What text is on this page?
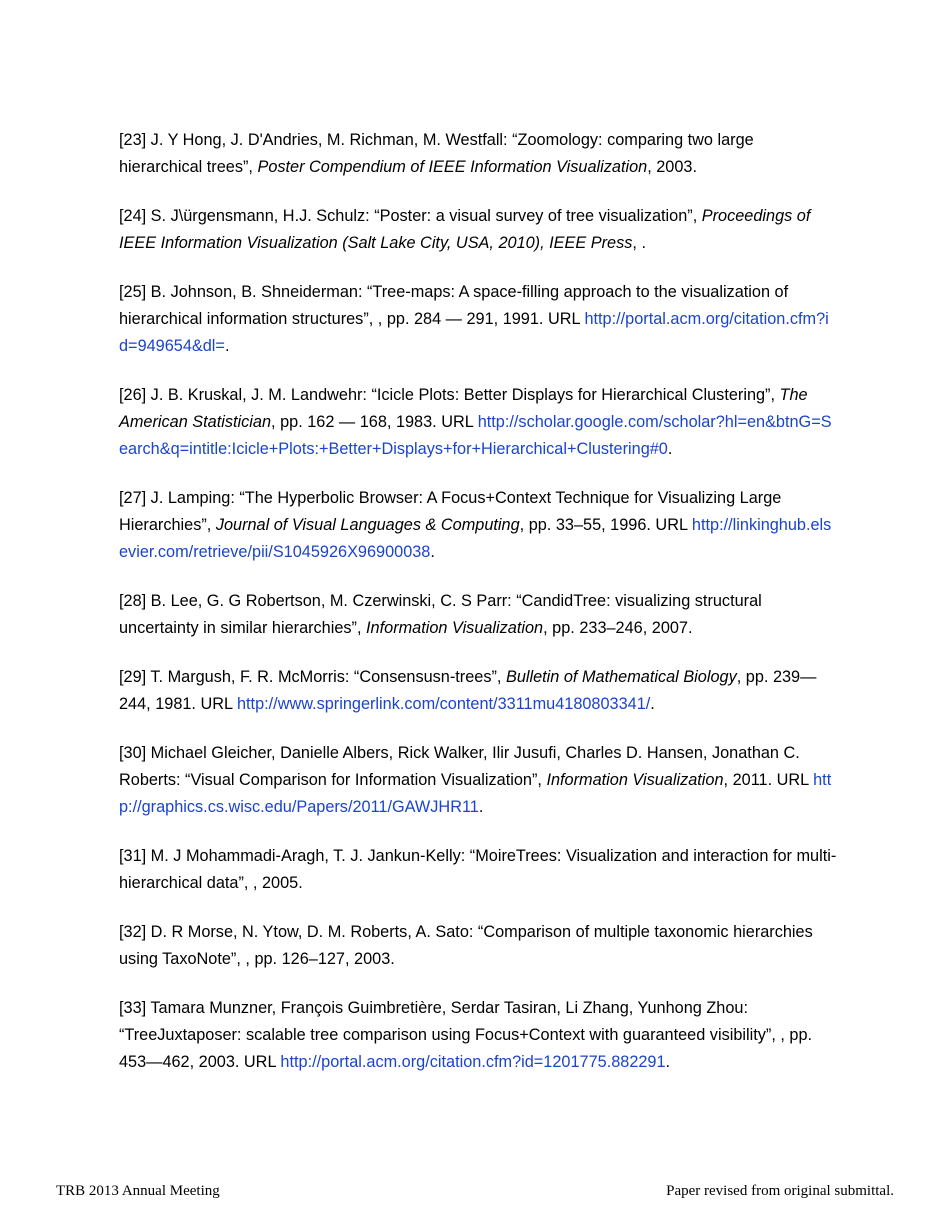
[23] J. Y Hong, J. D'Andries, M. Richman, M. Westfall: “Zoomology: comparing two large hierarchical trees”, Poster Compendium of IEEE Information Visualization, 2003.

[24] S. J\ürgensmann, H.J. Schulz: “Poster: a visual survey of tree visualization”, Proceedings of IEEE Information Visualization (Salt Lake City, USA, 2010), IEEE Press, .

[25] B. Johnson, B. Shneiderman: “Tree-maps: A space-filling approach to the visualization of hierarchical information structures”, , pp. 284 — 291, 1991. URL http://portal.acm.org/citation.cfm?id=949654&dl=.

[26] J. B. Kruskal, J. M. Landwehr: “Icicle Plots: Better Displays for Hierarchical Clustering”, The American Statistician, pp. 162 — 168, 1983. URL http://scholar.google.com/scholar?hl=en&btnG=Search&q=intitle:Icicle+Plots:+Better+Displays+for+Hierarchical+Clustering#0.

[27] J. Lamping: “The Hyperbolic Browser: A Focus+Context Technique for Visualizing Large Hierarchies”, Journal of Visual Languages & Computing, pp. 33–55, 1996. URL http://linkinghub.elsevier.com/retrieve/pii/S1045926X96900038.

[28] B. Lee, G. G Robertson, M. Czerwinski, C. S Parr: “CandidTree: visualizing structural uncertainty in similar hierarchies”, Information Visualization, pp. 233–246, 2007.

[29] T. Margush, F. R. McMorris: “Consensusn-trees”, Bulletin of Mathematical Biology, pp. 239—244, 1981. URL http://www.springerlink.com/content/3311mu4180803341/.

[30] Michael Gleicher, Danielle Albers, Rick Walker, Ilir Jusufi, Charles D. Hansen, Jonathan C. Roberts: “Visual Comparison for Information Visualization”, Information Visualization, 2011. URL http://graphics.cs.wisc.edu/Papers/2011/GAWJHR11.

[31] M. J Mohammadi-Aragh, T. J. Jankun-Kelly: “MoireTrees: Visualization and interaction for multi-hierarchical data”, , 2005.

[32] D. R Morse, N. Ytow, D. M. Roberts, A. Sato: “Comparison of multiple taxonomic hierarchies using TaxoNote”, , pp. 126–127, 2003.

[33] Tamara Munzner, François Guimbretière, Serdar Tasiran, Li Zhang, Yunhong Zhou: “TreeJuxtaposer: scalable tree comparison using Focus+Context with guaranteed visibility”, , pp. 453—462, 2003. URL http://portal.acm.org/citation.cfm?id=1201775.882291.

TRB 2013 Annual Meeting	Paper revised from original submittal.
